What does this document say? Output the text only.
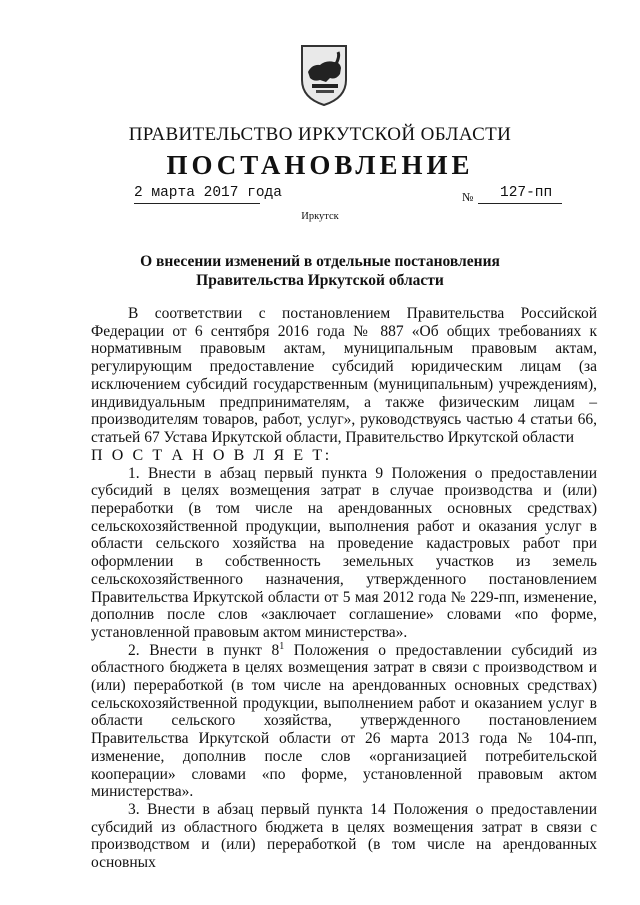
ПРАВИТЕЛЬСТВО ИРКУТСКОЙ ОБЛАСТИ
ПОСТАНОВЛЕНИЕ
2 марта 2017 года	№ 127-пп
Иркутск
О внесении изменений в отдельные постановления Правительства Иркутской области

В соответствии с постановлением Правительства Российской Федерации от 6 сентября 2016 года № 887 «Об общих требованиях к нормативным правовым актам, муниципальным правовым актам, регулирующим предоставление субсидий юридическим лицам (за исключением субсидий государственным (муниципальным) учреждениям), индивидуальным предпринимателям, а также физическим лицам – производителям товаров, работ, услуг», руководствуясь частью 4 статьи 66, статьей 67 Устава Иркутской области, Правительство Иркутской области

П О С Т А Н О В Л Я Е Т:

1. Внести в абзац первый пункта 9 Положения о предоставлении субсидий в целях возмещения затрат в случае производства и (или) переработки (в том числе на арендованных основных средствах) сельскохозяйственной продукции, выполнения работ и оказания услуг в области сельского хозяйства на проведение кадастровых работ при оформлении в собственность земельных участков из земель сельскохозяйственного назначения, утвержденного постановлением Правительства Иркутской области от 5 мая 2012 года № 229-пп, изменение, дополнив после слов «заключает соглашение» словами «по форме, установленной правовым актом министерства».

2. Внести в пункт $8^1$ Положения о предоставлении субсидий из областного бюджета в целях возмещения затрат в связи с производством и (или) переработкой (в том числе на арендованных основных средствах) сельскохозяйственной продукции, выполнением работ и оказанием услуг в области сельского хозяйства, утвержденного постановлением Правительства Иркутской области от 26 марта 2013 года № 104-пп, изменение, дополнив после слов «организацией потребительской кооперации» словами «по форме, установленной правовым актом министерства».

3. Внести в абзац первый пункта 14 Положения о предоставлении субсидий из областного бюджета в целях возмещения затрат в связи с производством и (или) переработкой (в том числе на арендованных основных
